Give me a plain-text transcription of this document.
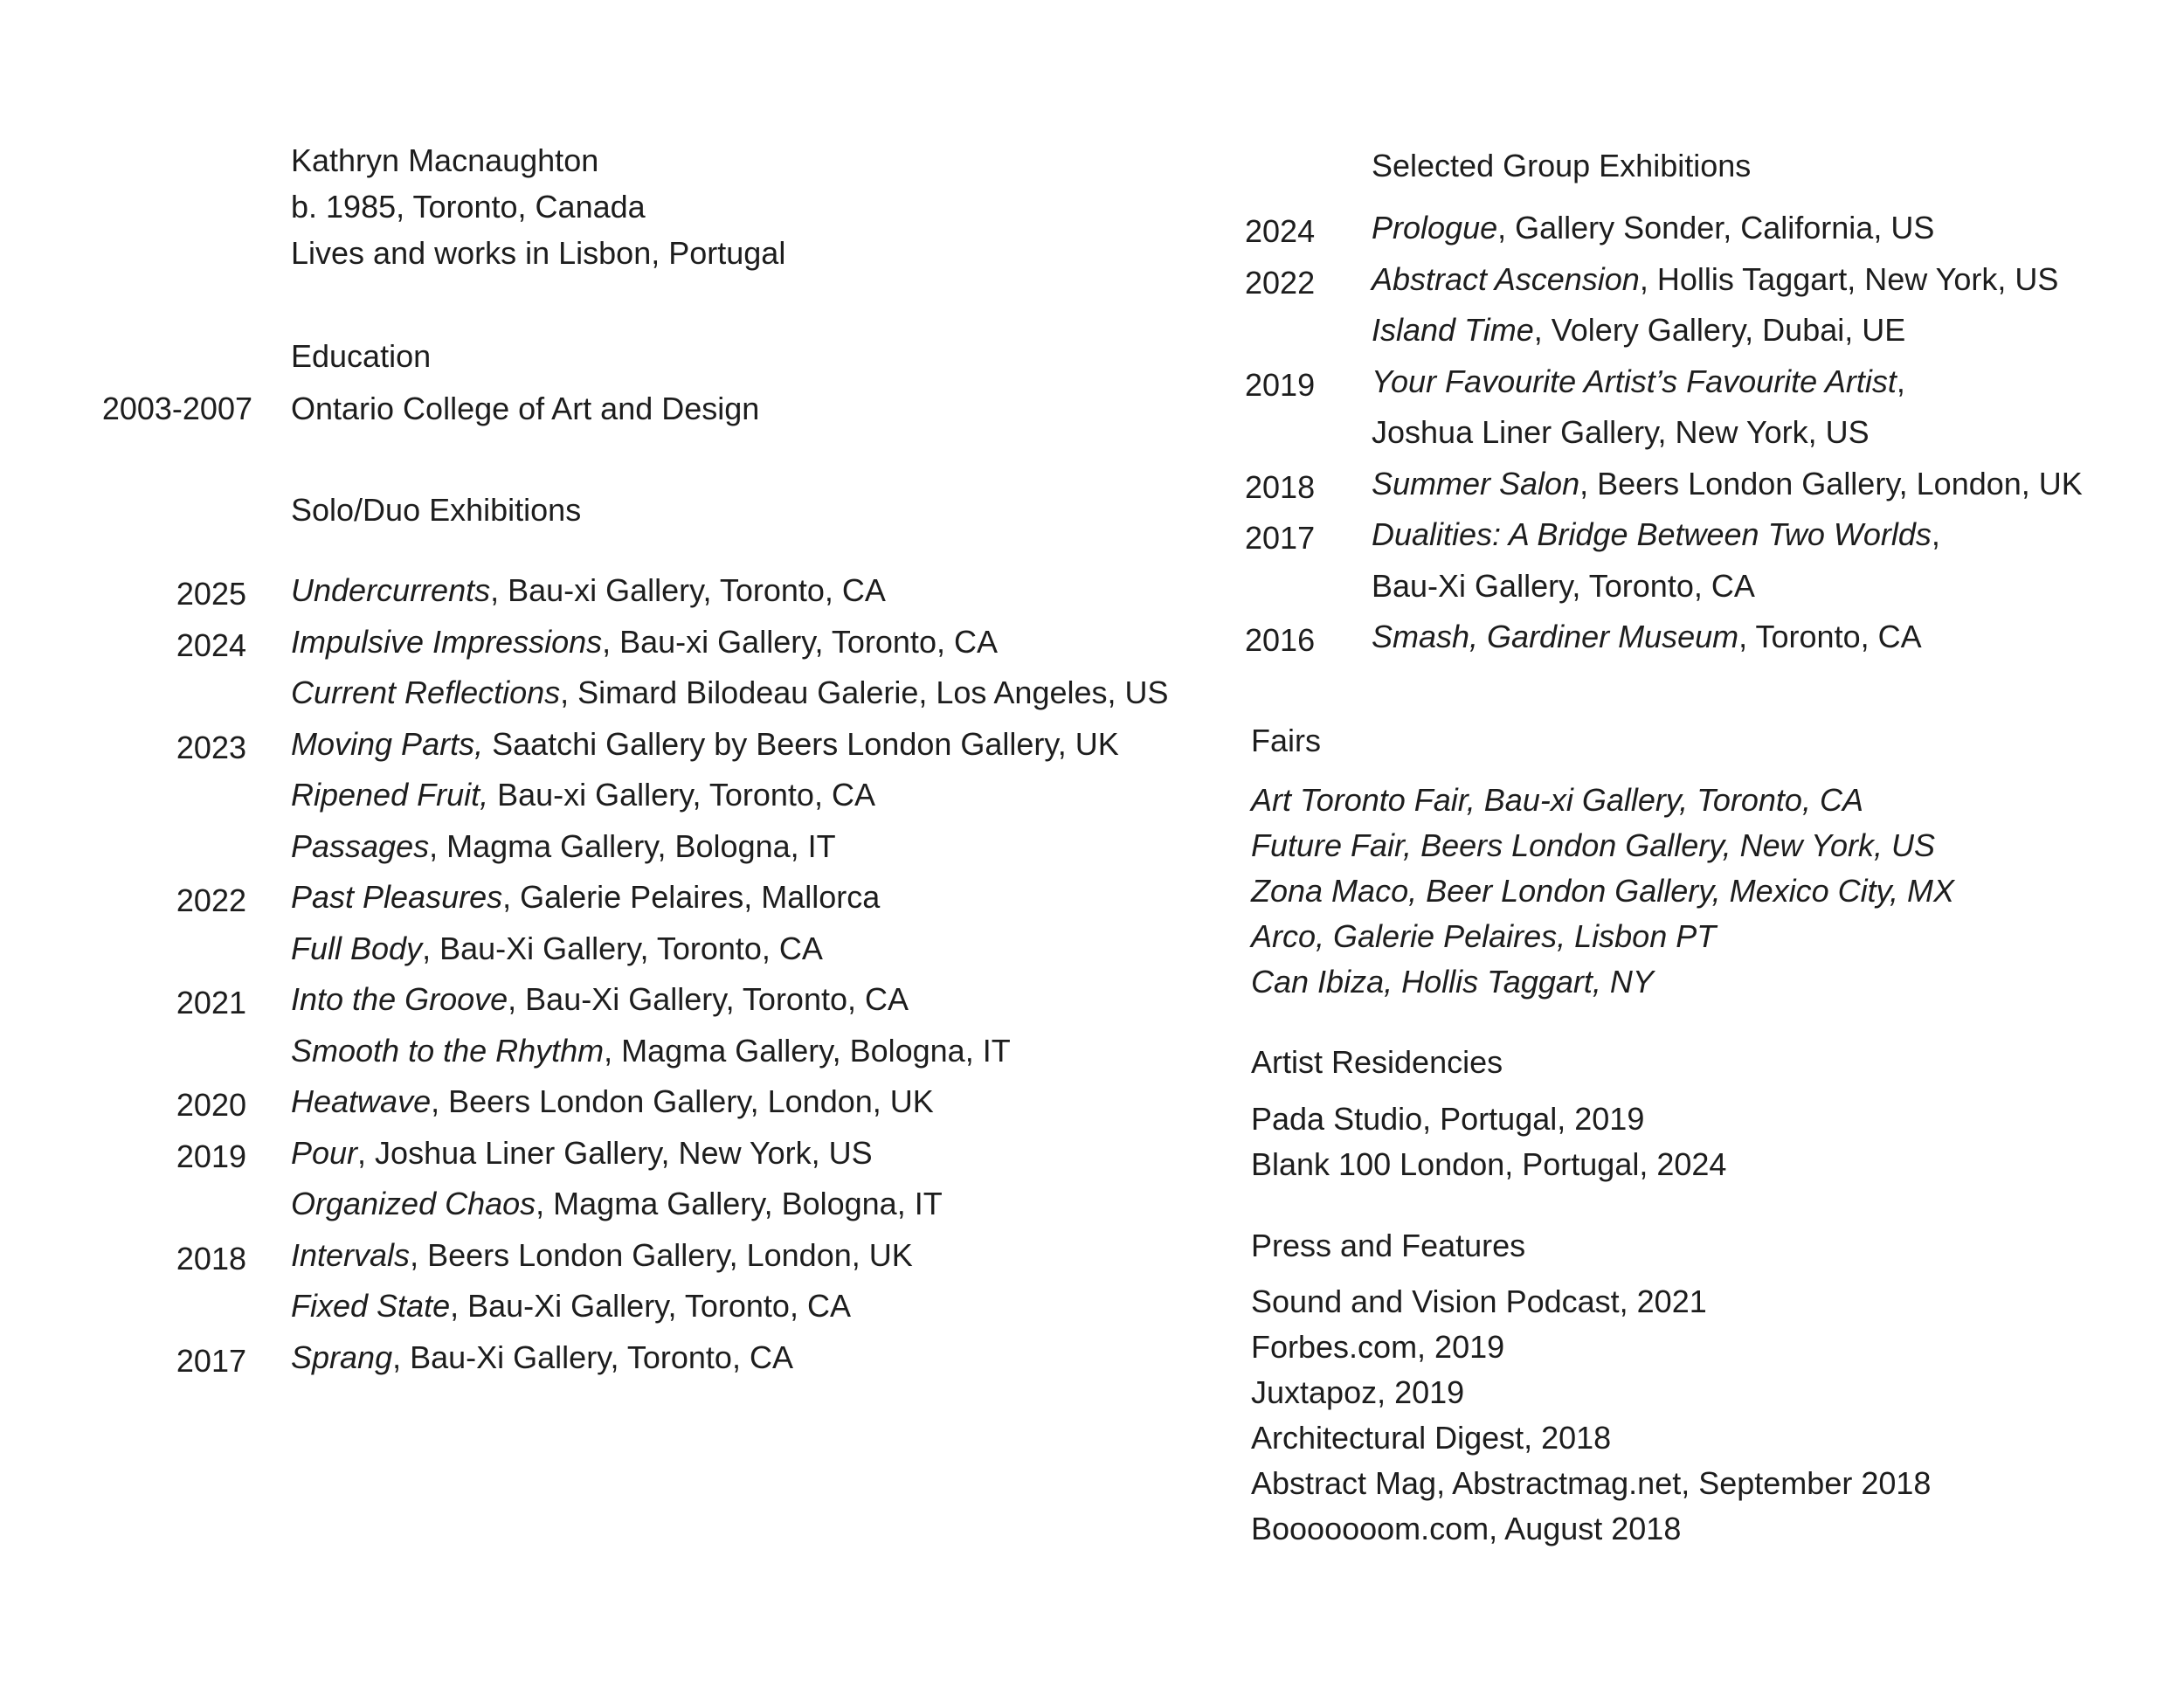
Kathryn Macnaughton
b. 1985, Toronto, Canada
Lives and works in Lisbon, Portugal
Education
2003-2007 Ontario College of Art and Design
Solo/Duo Exhibitions
2025 Undercurrents, Bau-xi Gallery, Toronto, CA
2024 Impulsive Impressions, Bau-xi Gallery, Toronto, CA
Current Reflections, Simard Bilodeau Galerie, Los Angeles, US
2023 Moving Parts, Saatchi Gallery by Beers London Gallery, UK
Ripened Fruit, Bau-xi Gallery, Toronto, CA
Passages, Magma Gallery, Bologna, IT
2022 Past Pleasures, Galerie Pelaires, Mallorca
Full Body, Bau-Xi Gallery, Toronto, CA
2021 Into the Groove, Bau-Xi Gallery, Toronto, CA
Smooth to the Rhythm, Magma Gallery, Bologna, IT
2020 Heatwave, Beers London Gallery, London, UK
2019 Pour, Joshua Liner Gallery, New York, US
Organized Chaos, Magma Gallery, Bologna, IT
2018 Intervals, Beers London Gallery, London, UK
Fixed State, Bau-Xi Gallery, Toronto, CA
2017 Sprang, Bau-Xi Gallery, Toronto, CA
Selected Group Exhibitions
2024 Prologue, Gallery Sonder, California, US
2022 Abstract Ascension, Hollis Taggart, New York, US
Island Time, Volery Gallery, Dubai, UE
2019 Your Favourite Artist’s Favourite Artist,
Joshua Liner Gallery, New York, US
2018 Summer Salon, Beers London Gallery, London, UK
2017 Dualities: A Bridge Between Two Worlds,
Bau-Xi Gallery, Toronto, CA
2016 Smash, Gardiner Museum, Toronto, CA
Fairs
Art Toronto Fair, Bau-xi Gallery, Toronto, CA
Future Fair, Beers London Gallery, New York, US
Zona Maco, Beer London Gallery, Mexico City, MX
Arco, Galerie Pelaires, Lisbon PT
Can Ibiza, Hollis Taggart, NY
Artist Residencies
Pada Studio, Portugal, 2019
Blank 100 London, Portugal, 2024
Press and Features
Sound and Vision Podcast, 2021
Forbes.com, 2019
Juxtapoz, 2019
Architectural Digest, 2018
Abstract Mag, Abstractmag.net, September 2018
Booooooom.com, August 2018
